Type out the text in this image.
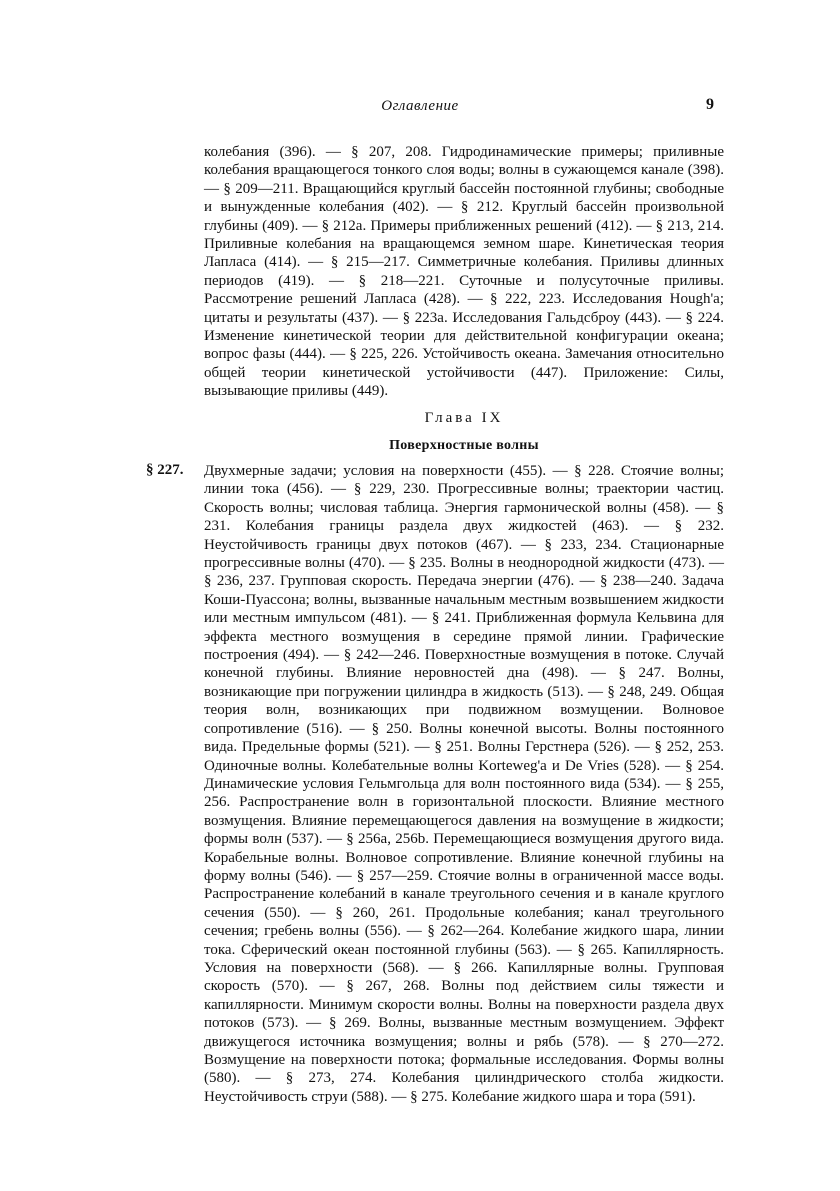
Оглавление	9
колебания (396). — § 207, 208. Гидродинамические примеры; приливные колебания вращающегося тонкого слоя воды; волны в сужающемся канале (398). — § 209—211. Вращающийся круглый бассейн постоянной глубины; свободные и вынужденные колебания (402). — § 212. Круглый бассейн произвольной глубины (409). — § 212a. Примеры приближенных решений (412). — § 213, 214. Приливные колебания на вращающемся земном шаре. Кинетическая теория Лапласа (414). — § 215—217. Симметричные колебания. Приливы длинных периодов (419). — § 218—221. Суточные и полусуточные приливы. Рассмотрение решений Лапласа (428). — § 222, 223. Исследования Hough'а; цитаты и результаты (437). — § 223a. Исследования Гальдсброу (443). — § 224. Изменение кинетической теории для действительной конфигурации океана; вопрос фазы (444). — § 225, 226. Устойчивость океана. Замечания относительно общей теории кинетической устойчивости (447). Приложение: Силы, вызывающие приливы (449).
Глава IX
Поверхностные волны
§ 227. Двухмерные задачи; условия на поверхности (455). — § 228. Стоячие волны; линии тока (456). — § 229, 230. Прогрессивные волны; траектории частиц. Скорость волны; числовая таблица. Энергия гармонической волны (458). — § 231. Колебания границы раздела двух жидкостей (463). — § 232. Неустойчивость границы двух потоков (467). — § 233, 234. Стационарные прогрессивные волны (470). — § 235. Волны в неоднородной жидкости (473). — § 236, 237. Групповая скорость. Передача энергии (476). — § 238—240. Задача Коши-Пуассона; волны, вызванные начальным местным возвышением жидкости или местным импульсом (481). — § 241. Приближенная формула Кельвина для эффекта местного возмущения в середине прямой линии. Графические построения (494). — § 242—246. Поверхностные возмущения в потоке. Случай конечной глубины. Влияние неровностей дна (498). — § 247. Волны, возникающие при погружении цилиндра в жидкость (513). — § 248, 249. Общая теория волн, возникающих при подвижном возмущении. Волновое сопротивление (516). — § 250. Волны конечной высоты. Волны постоянного вида. Предельные формы (521). — § 251. Волны Герстнера (526). — § 252, 253. Одиночные волны. Колебательные волны Korteweg'а и De Vries (528). — § 254. Динамические условия Гельмгольца для волн постоянного вида (534). — § 255, 256. Распространение волн в горизонтальной плоскости. Влияние местного возмущения. Влияние перемещающегося давления на возмущение в жидкости; формы волн (537). — § 256a, 256b. Перемещающиеся возмущения другого вида. Корабельные волны. Волновое сопротивление. Влияние конечной глубины на форму волны (546). — § 257—259. Стоячие волны в ограниченной массе воды. Распространение колебаний в канале треугольного сечения и в канале круглого сечения (550). — § 260, 261. Продольные колебания; канал треугольного сечения; гребень волны (556). — § 262—264. Колебание жидкого шара, линии тока. Сферический океан постоянной глубины (563). — § 265. Капиллярность. Условия на поверхности (568). — § 266. Капиллярные волны. Групповая скорость (570). — § 267, 268. Волны под действием силы тяжести и капиллярности. Минимум скорости волны. Волны на поверхности раздела двух потоков (573). — § 269. Волны, вызванные местным возмущением. Эффект движущегося источника возмущения; волны и рябь (578). — § 270—272. Возмущение на поверхности потока; формальные исследования. Формы волны (580). — § 273, 274. Колебания цилиндрического столба жидкости. Неустойчивость струи (588). — § 275. Колебание жидкого шара и тора (591).
